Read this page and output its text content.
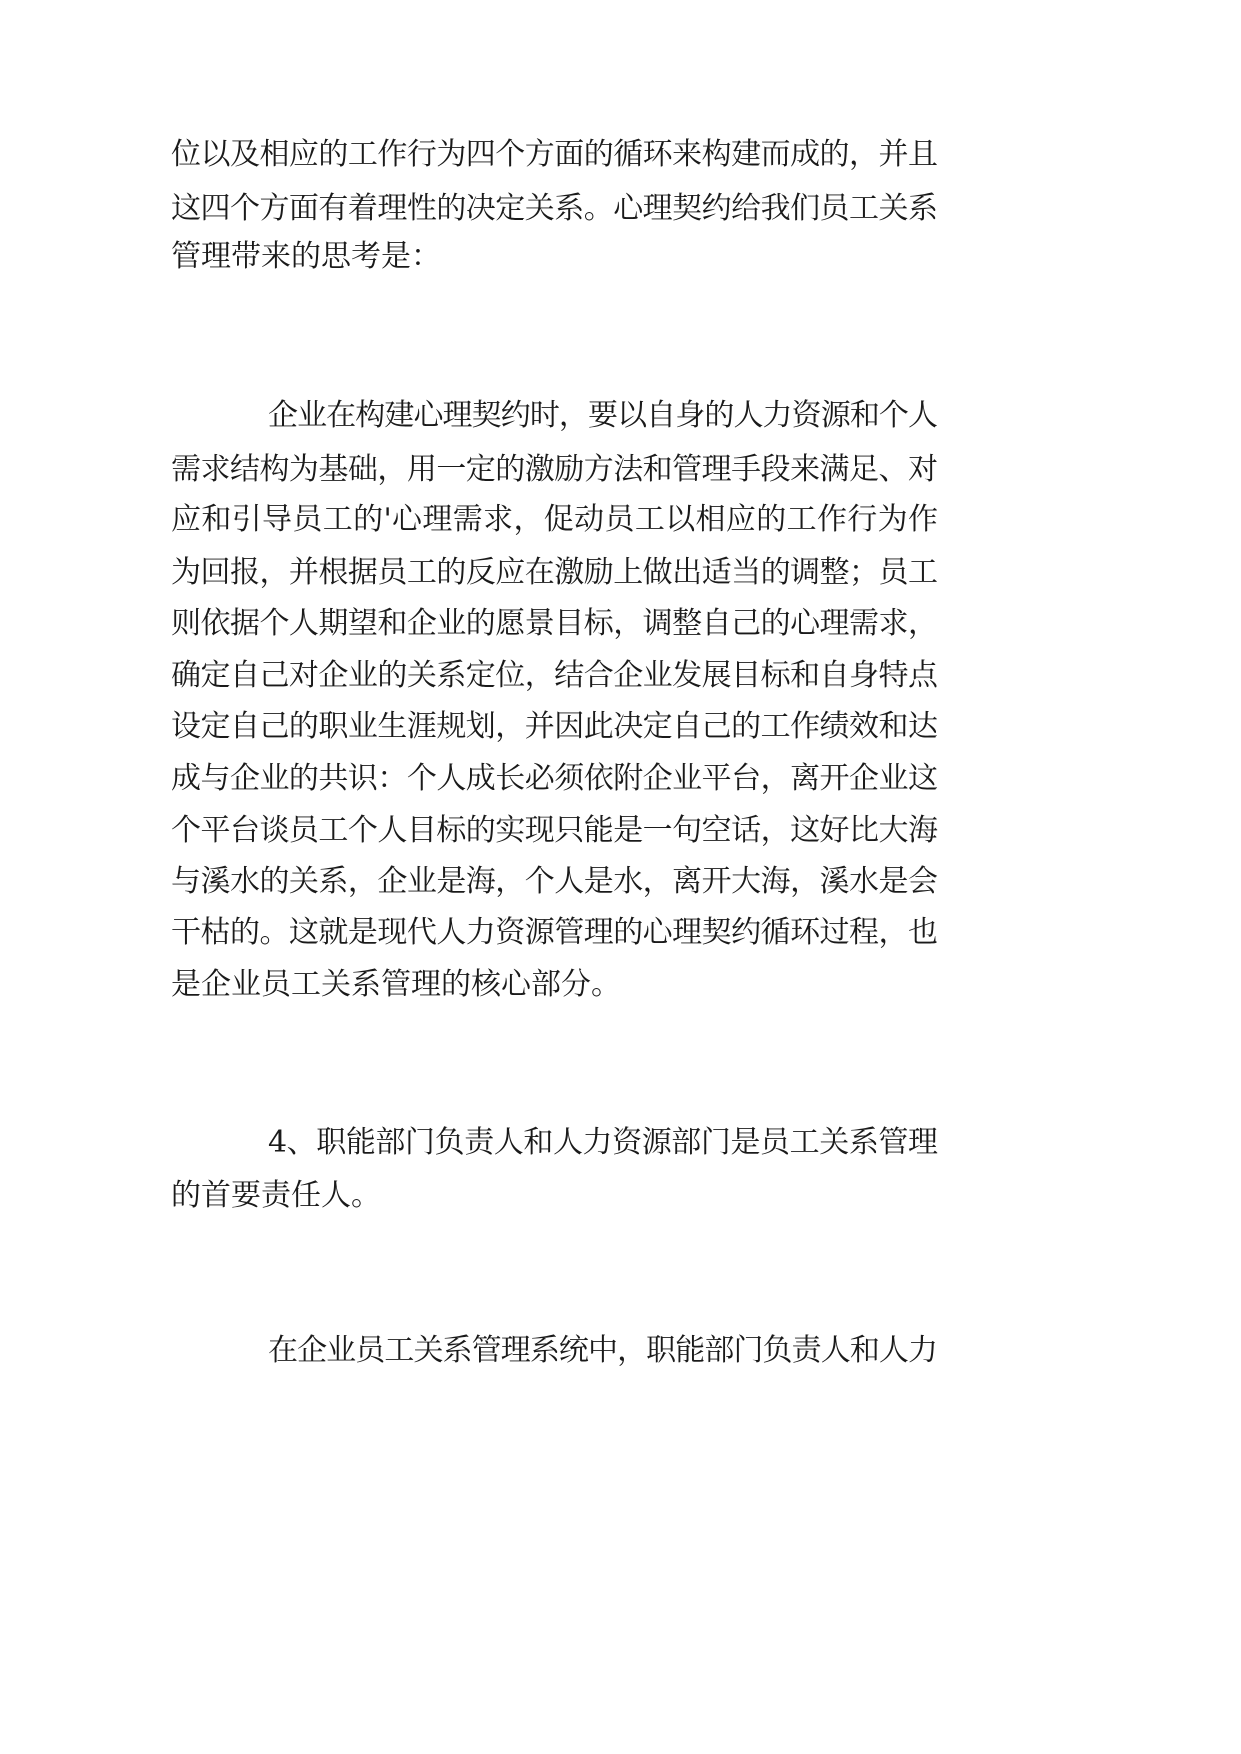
位以及相应的工作行为四个方面的循环来构建而成的，并且
这四个方面有着理性的决定关系。心理契约给我们员工关系
管理带来的思考是：
企业在构建心理契约时，要以自身的人力资源和个人
需求结构为基础，用一定的激励方法和管理手段来满足、对
应和引导员工的'心理需求，促动员工以相应的工作行为作
为回报，并根据员工的反应在激励上做出适当的调整；员工
则依据个人期望和企业的愿景目标，调整自己的心理需求，
确定自己对企业的关系定位，结合企业发展目标和自身特点
设定自己的职业生涯规划，并因此决定自己的工作绩效和达
成与企业的共识：个人成长必须依附企业平台，离开企业这
个平台谈员工个人目标的实现只能是一句空话，这好比大海
与溪水的关系，企业是海，个人是水，离开大海，溪水是会
干枯的。这就是现代人力资源管理的心理契约循环过程，也
是企业员工关系管理的核心部分。
4、职能部门负责人和人力资源部门是员工关系管理
的首要责任人。
在企业员工关系管理系统中，职能部门负责人和人力
